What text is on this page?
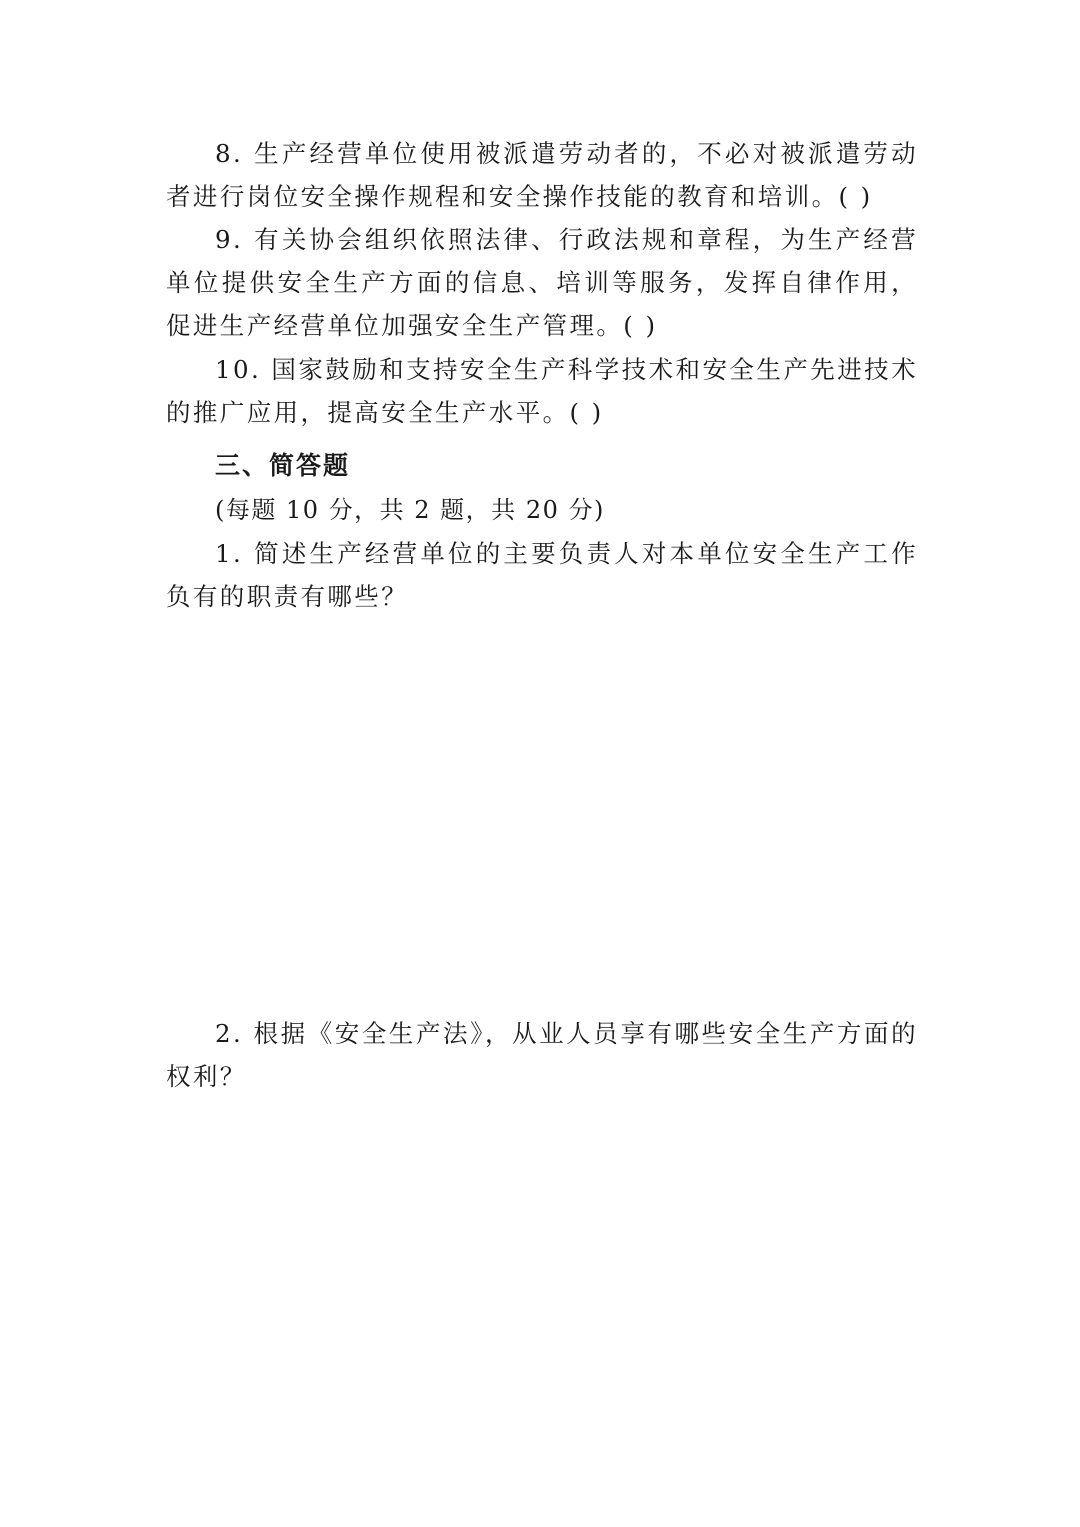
8. 生产经营单位使用被派遣劳动者的，不必对被派遣劳动者进行岗位安全操作规程和安全操作技能的教育和培训。( )

9. 有关协会组织依照法律、行政法规和章程，为生产经营单位提供安全生产方面的信息、培训等服务，发挥自律作用，促进生产经营单位加强安全生产管理。( )

10. 国家鼓励和支持安全生产科学技术和安全生产先进技术的推广应用，提高安全生产水平。( )

三、简答题

(每题 10 分，共 2 题，共 20 分)

1. 简述生产经营单位的主要负责人对本单位安全生产工作负有的职责有哪些？

2. 根据《安全生产法》，从业人员享有哪些安全生产方面的权利？
